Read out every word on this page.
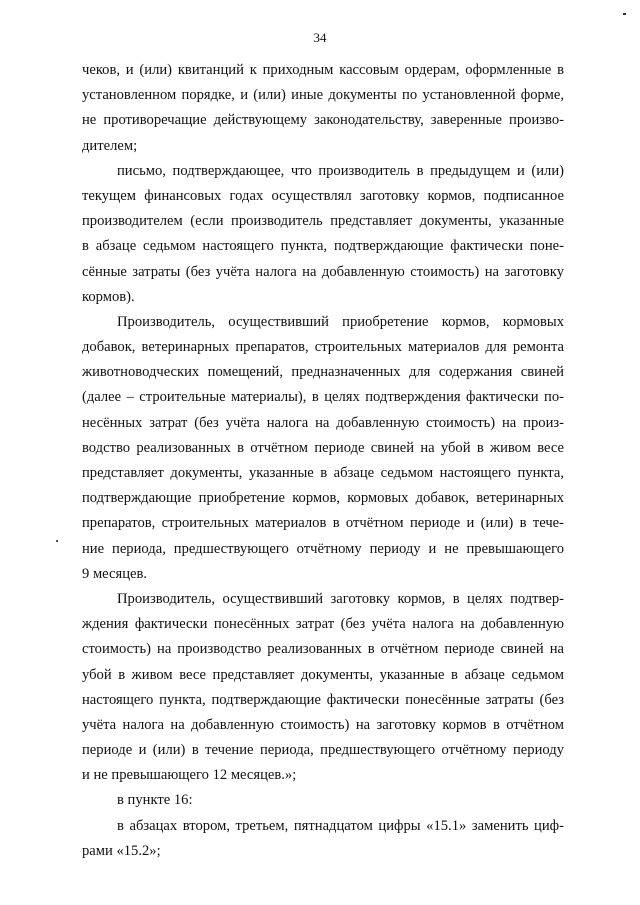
34
чеков, и (или) квитанций к приходным кассовым ордерам, оформленные в
установленном порядке, и (или) иные документы по установленной форме,
не противоречащие действующему законодательству, заверенные произво-
дителем;
письмо, подтверждающее, что производитель в предыдущем и (или)
текущем финансовых годах осуществлял заготовку кормов, подписанное
производителем (если производитель представляет документы, указанные
в абзаце седьмом настоящего пункта, подтверждающие фактически поне-
сённые затраты (без учёта налога на добавленную стоимость) на заготовку
кормов).
Производитель, осуществивший приобретение кормов, кормовых
добавок, ветеринарных препаратов, строительных материалов для ремонта
животноводческих помещений, предназначенных для содержания свиней
(далее – строительные материалы), в целях подтверждения фактически по-
несённых затрат (без учёта налога на добавленную стоимость) на произ-
водство реализованных в отчётном периоде свиней на убой в живом весе
представляет документы, указанные в абзаце седьмом настоящего пункта,
подтверждающие приобретение кормов, кормовых добавок, ветеринарных
препаратов, строительных материалов в отчётном периоде и (или) в тече-
ние периода, предшествующего отчётному периоду и не превышающего
9 месяцев.
Производитель, осуществивший заготовку кормов, в целях подтвер-
ждения фактически понесённых затрат (без учёта налога на добавленную
стоимость) на производство реализованных в отчётном периоде свиней на
убой в живом весе представляет документы, указанные в абзаце седьмом
настоящего пункта, подтверждающие фактически понесённые затраты (без
учёта налога на добавленную стоимость) на заготовку кормов в отчётном
периоде и (или) в течение периода, предшествующего отчётному периоду
и не превышающего 12 месяцев.»;
в пункте 16:
в абзацах втором, третьем, пятнадцатом цифры «15.1» заменить циф-
рами «15.2»;
